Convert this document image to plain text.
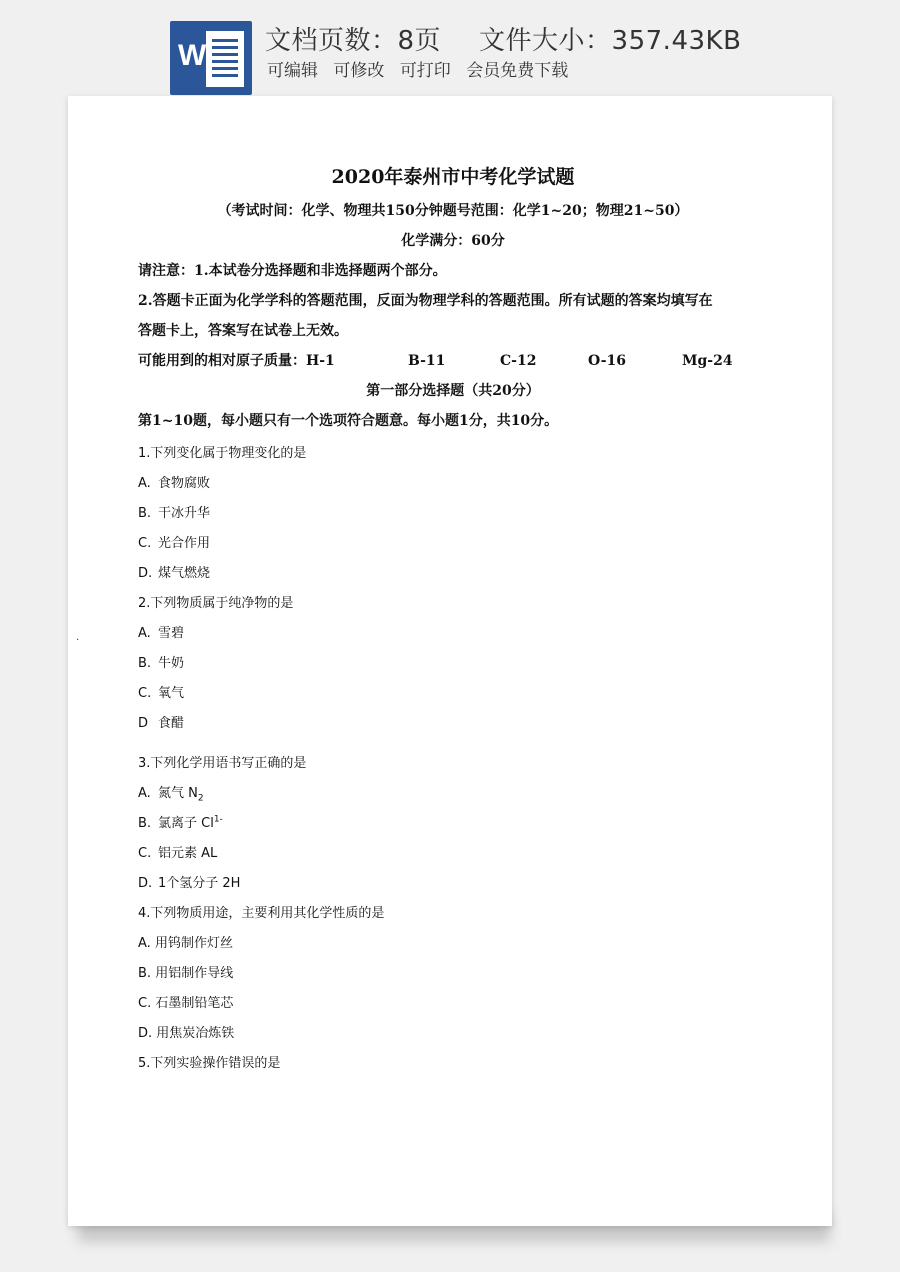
W 文档页数：8页 文件大小：357.43KB
可编辑 可修改 可打印 会员免费下载
2020年泰州市中考化学试题
（考试时间：化学、物理共150分钟题号范围：化学1~20；物理21~50）
化学满分：60分
请注意：1.本试卷分选择题和非选择题两个部分。
2.答题卡正面为化学学科的答题范围，反面为物理学科的答题范围。所有试题的答案均填写在
答题卡上，答案写在试卷上无效。
可能用到的相对原子质量：H-1	B-11	C-12	O-16	Mg-24
第一部分选择题（共20分）
第1~10题，每小题只有一个选项符合题意。每小题1分，共10分。
1.下列变化属于物理变化的是
A. 食物腐败
B. 干冰升华
C. 光合作用
D. 煤气燃烧
2.下列物质属于纯净物的是
A. 雪碧
B. 牛奶
C. 氧气
D 食醋
3.下列化学用语书写正确的是
A. 氮气 $N_2$
B. 氯离子 $Cl^{1-}$
C. 铝元素 AL
D. 1个氢分子 2H
4.下列物质用途，主要利用其化学性质的是
A. 用钨制作灯丝
B. 用铝制作导线
C. 石墨制铅笔芯
D. 用焦炭冶炼铁
5.下列实验操作错误的是
.
